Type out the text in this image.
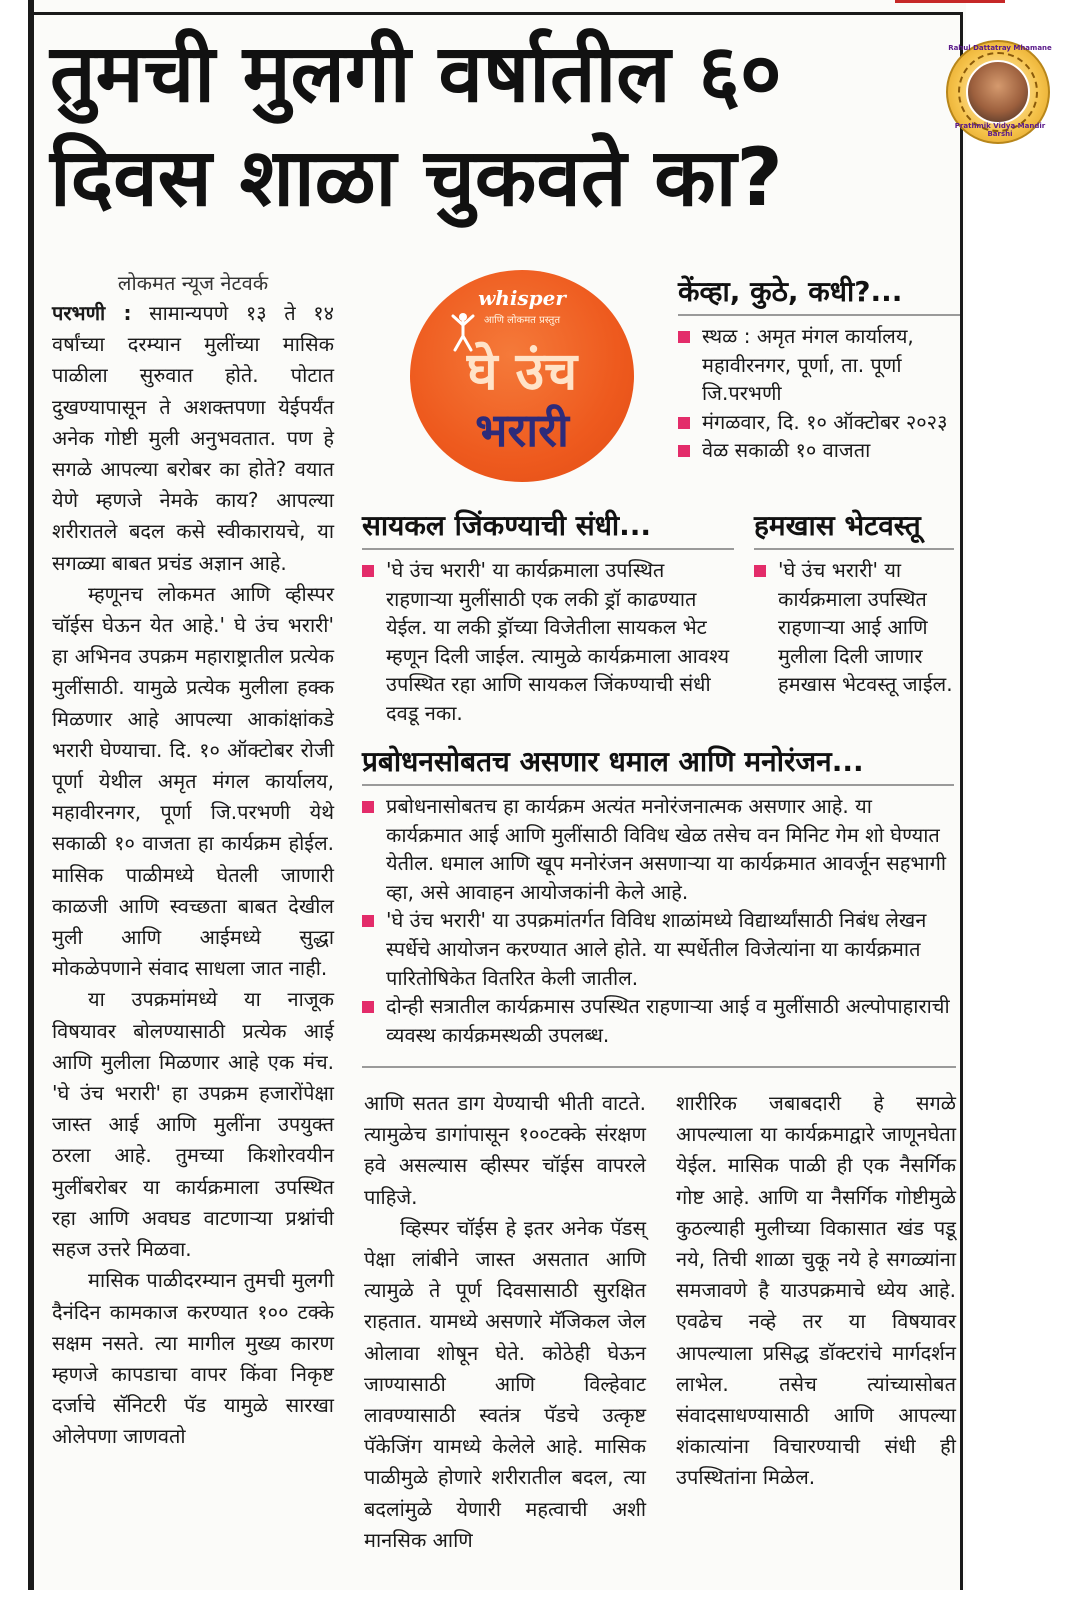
तुमची मुलगी वर्षातील ६०
दिवस शाळा चुकवते का?
Rahul Dattatray Mhamane
Prathmik Vidya Mandir Barshi
लोकमत न्यूज नेटवर्क

परभणी : सामान्यपणे १३ ते १४ वर्षांच्या दरम्यान मुलींच्या मासिक पाळीला सुरुवात होते. पोटात दुखण्यापासून ते अशक्तपणा येईपर्यंत अनेक गोष्टी मुली अनुभवतात. पण हे सगळे आपल्या बरोबर का होते? वयात येणे म्हणजे नेमके काय? आपल्या शरीरातले बदल कसे स्वीकारायचे, या सगळ्या बाबत प्रचंड अज्ञान आहे.

म्हणूनच लोकमत आणि व्हीस्पर चॉईस घेऊन येत आहे.' घे उंच भरारी' हा अभिनव उपक्रम महाराष्ट्रातील प्रत्येक मुलींसाठी. यामुळे प्रत्येक मुलीला हक्क मिळणार आहे आपल्या आकांक्षांकडे भरारी घेण्याचा. दि. १० ऑक्टोबर रोजी पूर्णा येथील अमृत मंगल कार्यालय, महावीरनगर, पूर्णा जि.परभणी येथे सकाळी १० वाजता हा कार्यक्रम होईल. मासिक पाळीमध्ये घेतली जाणारी काळजी आणि स्वच्छता बाबत देखील मुली आणि आईमध्ये सुद्धा मोकळेपणाने संवाद साधला जात नाही.

या उपक्रमांमध्ये या नाजूक विषयावर बोलण्यासाठी प्रत्येक आई आणि मुलीला मिळणार आहे एक मंच. 'घे उंच भरारी' हा उपक्रम हजारोंपेक्षा जास्त आई आणि मुलींना उपयुक्त ठरला आहे. तुमच्या किशोरवयीन मुलींबरोबर या कार्यक्रमाला उपस्थित रहा आणि अवघड वाटणाऱ्या प्रश्नांची सहज उत्तरे मिळवा.

मासिक पाळीदरम्यान तुमची मुलगी दैनंदिन कामकाज करण्यात १०० टक्के सक्षम नसते. त्या मागील मुख्य कारण म्हणजे कापडाचा वापर किंवा निकृष्ट दर्जाचे सॅनिटरी पॅड यामुळे सारखा ओलेपणा जाणवतो

whisper
आणि लोकमत प्रस्तुत
घे उंच
भरारी
केंव्हा, कुठे, कधी?...
स्थळ : अमृत मंगल कार्यालय, महावीरनगर, पूर्णा, ता. पूर्णा जि.परभणी
मंगळवार, दि. १० ऑक्टोबर २०२३
वेळ सकाळी १० वाजता
सायकल जिंकण्याची संधी...
'घे उंच भरारी' या कार्यक्रमाला उपस्थित राहणाऱ्या मुलींसाठी एक लकी ड्रॉ काढण्यात येईल. या लकी ड्रॉच्या विजेतीला सायकल भेट म्हणून दिली जाईल. त्यामुळे कार्यक्रमाला आवश्य उपस्थित रहा आणि सायकल जिंकण्याची संधी दवडू नका.
हमखास भेटवस्तू
'घे उंच भरारी' या कार्यक्रमाला उपस्थित राहणाऱ्या आई आणि मुलीला दिली जाणार हमखास भेटवस्तू जाईल.
प्रबोधनसोबतच असणार धमाल आणि मनोरंजन...
प्रबोधनासोबतच हा कार्यक्रम अत्यंत मनोरंजनात्मक असणार आहे. या कार्यक्रमात आई आणि मुलींसाठी विविध खेळ तसेच वन मिनिट गेम शो घेण्यात येतील. धमाल आणि खूप मनोरंजन असणाऱ्या या कार्यक्रमात आवर्जून सहभागी व्हा, असे आवाहन आयोजकांनी केले आहे.
'घे उंच भरारी' या उपक्रमांतर्गत विविध शाळांमध्ये विद्यार्थ्यांसाठी निबंध लेखन स्पर्धेचे आयोजन करण्यात आले होते. या स्पर्धेतील विजेत्यांना या कार्यक्रमात पारितोषिकेत वितरित केली जातील.
दोन्ही सत्रातील कार्यक्रमास उपस्थित राहणाऱ्या आई व मुलींसाठी अल्पोपाहाराची व्यवस्थ कार्यक्रमस्थळी उपलब्ध.

आणि सतत डाग येण्याची भीती वाटते. त्यामुळेच डागांपासून १००टक्के संरक्षण हवे असल्यास व्हीस्पर चॉईस वापरले पाहिजे.

व्हिस्पर चॉईस हे इतर अनेक पॅडस् पेक्षा लांबीने जास्त असतात आणि त्यामुळे ते पूर्ण दिवसासाठी सुरक्षित राहतात. यामध्ये असणारे मॅजिकल जेल ओलावा शोषून घेते. कोठेही घेऊन जाण्यासाठी आणि विल्हेवाट लावण्यासाठी स्वतंत्र पॅडचे उत्कृष्ट पॅकेजिंग यामध्ये केलेले आहे. मासिक पाळीमुळे होणारे शरीरातील बदल, त्या बदलांमुळे येणारी महत्वाची अशी मानसिक आणि

शारीरिक जबाबदारी हे सगळे आपल्याला या कार्यक्रमाद्वारे जाणूनघेता येईल. मासिक पाळी ही एक नैसर्गिक गोष्ट आहे. आणि या नैसर्गिक गोष्टीमुळे कुठल्याही मुलीच्या विकासात खंड पडू नये, तिची शाळा चुकू नये हे सगळ्यांना समजावणे है याउपक्रमाचे ध्येय आहे. एवढेच नव्हे तर या विषयावर आपल्याला प्रसिद्ध डॉक्टरांचे मार्गदर्शन लाभेल. तसेच त्यांच्यासोबत संवादसाधण्यासाठी आणि आपल्या शंकात्यांना विचारण्याची संधी ही उपस्थितांना मिळेल.
